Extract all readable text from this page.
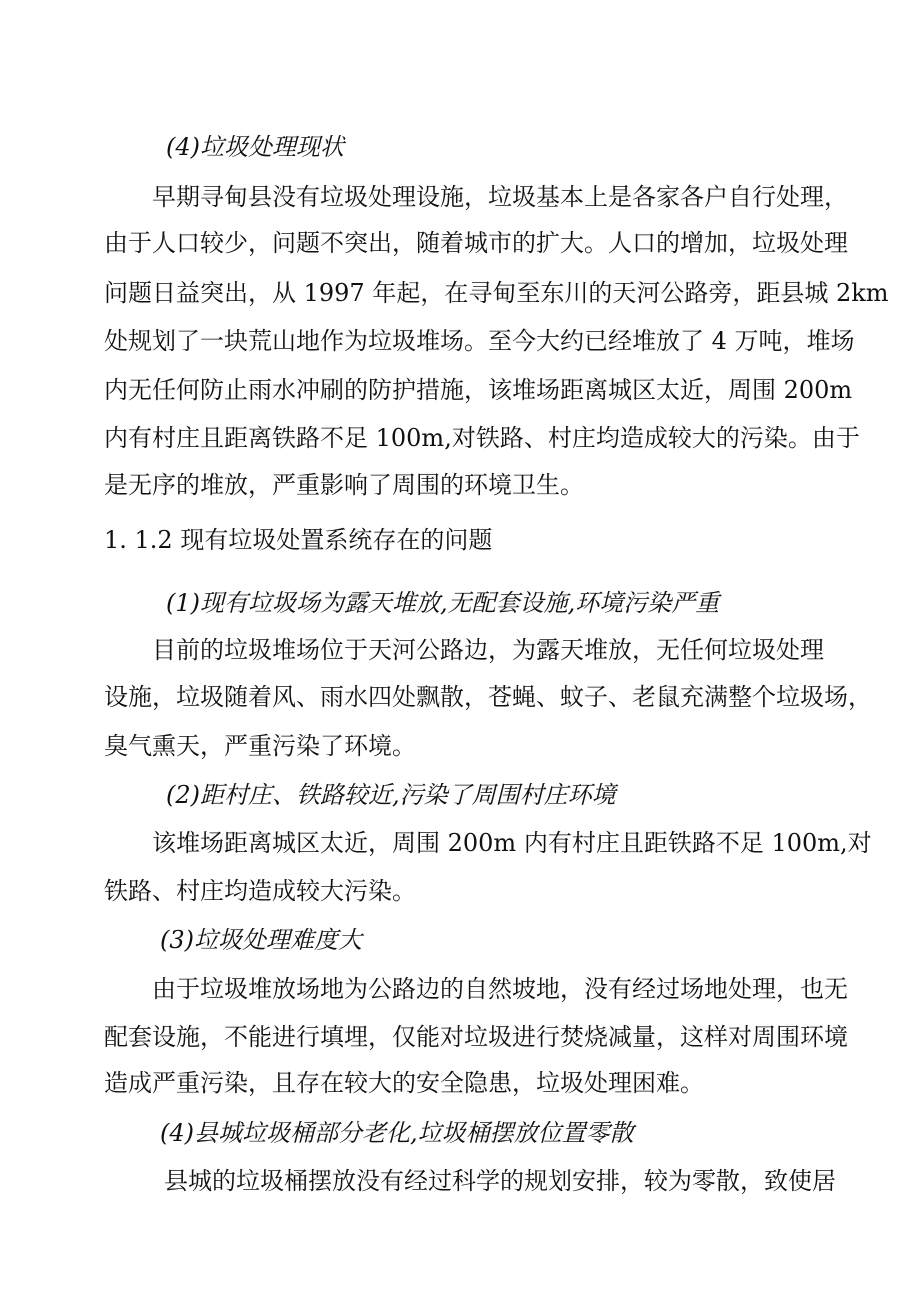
(4)垃圾处理现状

早期寻甸县没有垃圾处理设施，垃圾基本上是各家各户自行处理，

由于人口较少，问题不突出，随着城市的扩大。人口的增加，垃圾处理

问题日益突出，从 1997 年起，在寻甸至东川的天河公路旁，距县城 2km

处规划了一块荒山地作为垃圾堆场。至今大约已经堆放了 4 万吨，堆场

内无任何防止雨水冲刷的防护措施，该堆场距离城区太近，周围 200m

内有村庄且距离铁路不足 100m,对铁路、村庄均造成较大的污染。由于

是无序的堆放，严重影响了周围的环境卫生。

1. 1.2 现有垃圾处置系统存在的问题

(1)现有垃圾场为露天堆放,无配套设施,环境污染严重

目前的垃圾堆场位于天河公路边，为露天堆放，无任何垃圾处理

设施，垃圾随着风、雨水四处飘散，苍蝇、蚊子、老鼠充满整个垃圾场，

臭气熏天，严重污染了环境。

(2)距村庄、铁路较近,污染了周围村庄环境

该堆场距离城区太近，周围 200m 内有村庄且距铁路不足 100m,对

铁路、村庄均造成较大污染。

(3)垃圾处理难度大

由于垃圾堆放场地为公路边的自然坡地，没有经过场地处理，也无

配套设施，不能进行填埋，仅能对垃圾进行焚烧减量，这样对周围环境

造成严重污染，且存在较大的安全隐患，垃圾处理困难。

(4)县城垃圾桶部分老化,垃圾桶摆放位置零散

县城的垃圾桶摆放没有经过科学的规划安排，较为零散，致使居
